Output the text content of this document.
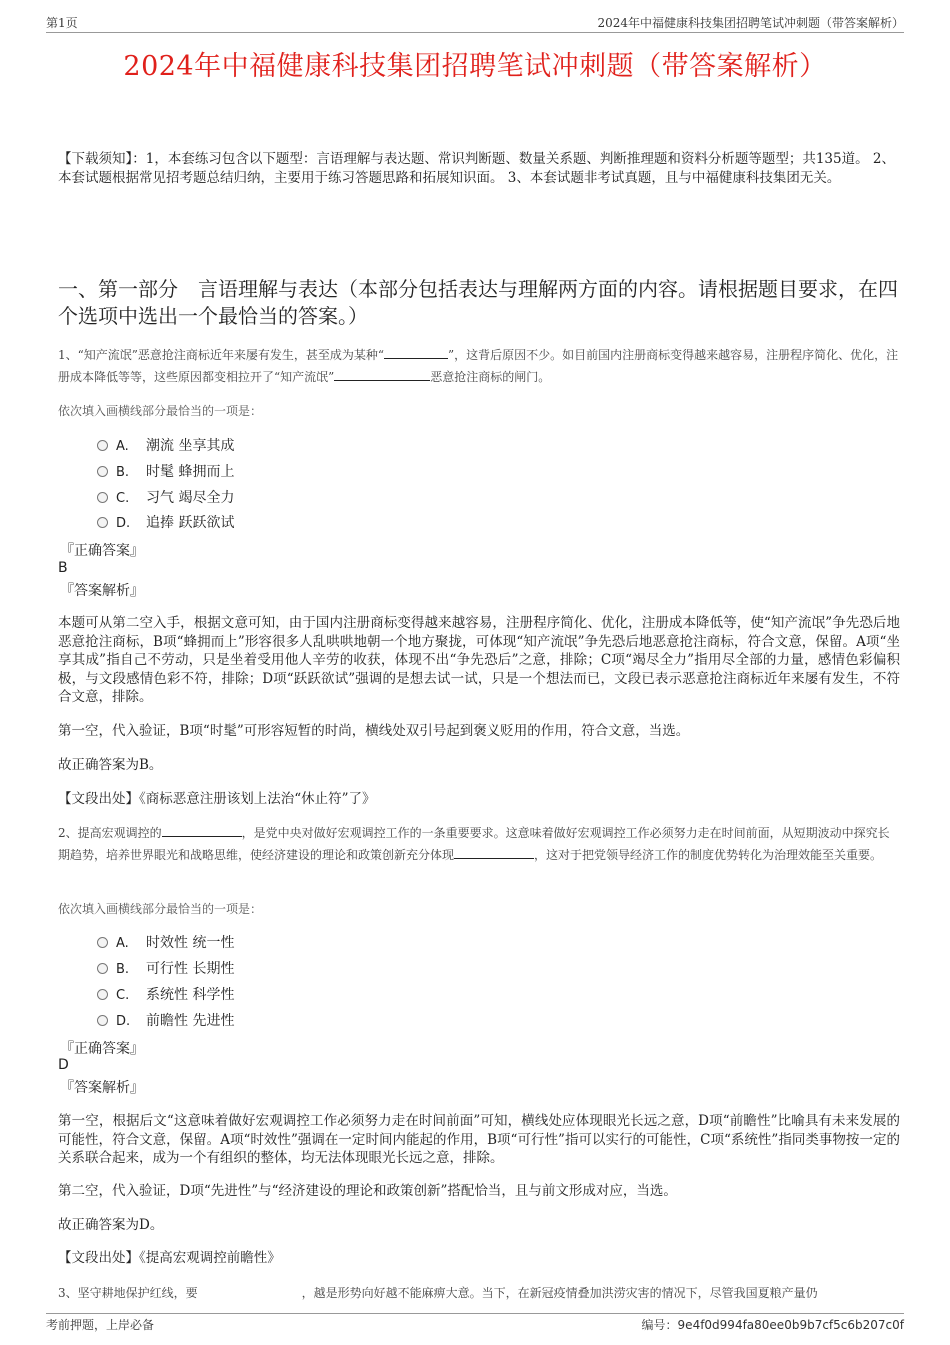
第1页	2024年中福健康科技集团招聘笔试冲刺题（带答案解析）
2024年中福健康科技集团招聘笔试冲刺题（带答案解析）
【下载须知】：1，本套练习包含以下题型：言语理解与表达题、常识判断题、数量关系题、判断推理题和资料分析题等题型；共135道。 2、本套试题根据常见招考题总结归纳，主要用于练习答题思路和拓展知识面。 3、本套试题非考试真题，且与中福健康科技集团无关。
一、第一部分　言语理解与表达（本部分包括表达与理解两方面的内容。请根据题目要求，在四个选项中选出一个最恰当的答案。）
1、“知产流氓”恶意抢注商标近年来屡有发生，甚至成为某种“	”，这背后原因不少。如目前国内注册商标变得越来越容易，注册程序简化、优化，注册成本降低等等，这些原因都变相拉开了“知产流氓”	恶意抢注商标的闸门。
依次填入画横线部分最恰当的一项是：
A. 潮流 坐享其成
B. 时髦 蜂拥而上
C. 习气 竭尽全力
D. 追捧 跃跃欲试
『正确答案』
B
『答案解析』
本题可从第二空入手，根据文意可知，由于国内注册商标变得越来越容易，注册程序简化、优化，注册成本降低等，使“知产流氓”争先恐后地恶意抢注商标，B项“蜂拥而上”形容很多人乱哄哄地朝一个地方聚拢，可体现“知产流氓”争先恐后地恶意抢注商标，符合文意，保留。A项“坐享其成”指自己不劳动，只是坐着受用他人辛劳的收获，体现不出“争先恐后”之意，排除；C项“竭尽全力”指用尽全部的力量，感情色彩偏积极，与文段感情色彩不符，排除；D项“跃跃欲试”强调的是想去试一试，只是一个想法而已，文段已表示恶意抢注商标近年来屡有发生，不符合文意，排除。
第一空，代入验证，B项“时髦”可形容短暂的时尚，横线处双引号起到褒义贬用的作用，符合文意，当选。
故正确答案为B。
【文段出处】《商标恶意注册该划上法治“休止符”了》
2、提高宏观调控的	，是党中央对做好宏观调控工作的一条重要要求。这意味着做好宏观调控工作必须努力走在时间前面，从短期波动中探究长期趋势，培养世界眼光和战略思维，使经济建设的理论和政策创新充分体现	，这对于把党领导经济工作的制度优势转化为治理效能至关重要。
依次填入画横线部分最恰当的一项是：
A. 时效性 统一性
B. 可行性 长期性
C. 系统性 科学性
D. 前瞻性 先进性
『正确答案』
D
『答案解析』
第一空，根据后文“这意味着做好宏观调控工作必须努力走在时间前面”可知，横线处应体现眼光长远之意，D项“前瞻性”比喻具有未来发展的可能性，符合文意，保留。A项“时效性”强调在一定时间内能起的作用，B项“可行性”指可以实行的可能性，C项“系统性”指同类事物按一定的关系联合起来，成为一个有组织的整体，均无法体现眼光长远之意，排除。
第二空，代入验证，D项“先进性”与“经济建设的理论和政策创新”搭配恰当，且与前文形成对应，当选。
故正确答案为D。
【文段出处】《提高宏观调控前瞻性》
3、坚守耕地保护红线，要	，越是形势向好越不能麻痹大意。当下，在新冠疫情叠加洪涝灾害的情况下，尽管我国夏粮产量仍
考前押题，上岸必备	编号：9e4f0d994fa80ee0b9b7cf5c6b207c0f
